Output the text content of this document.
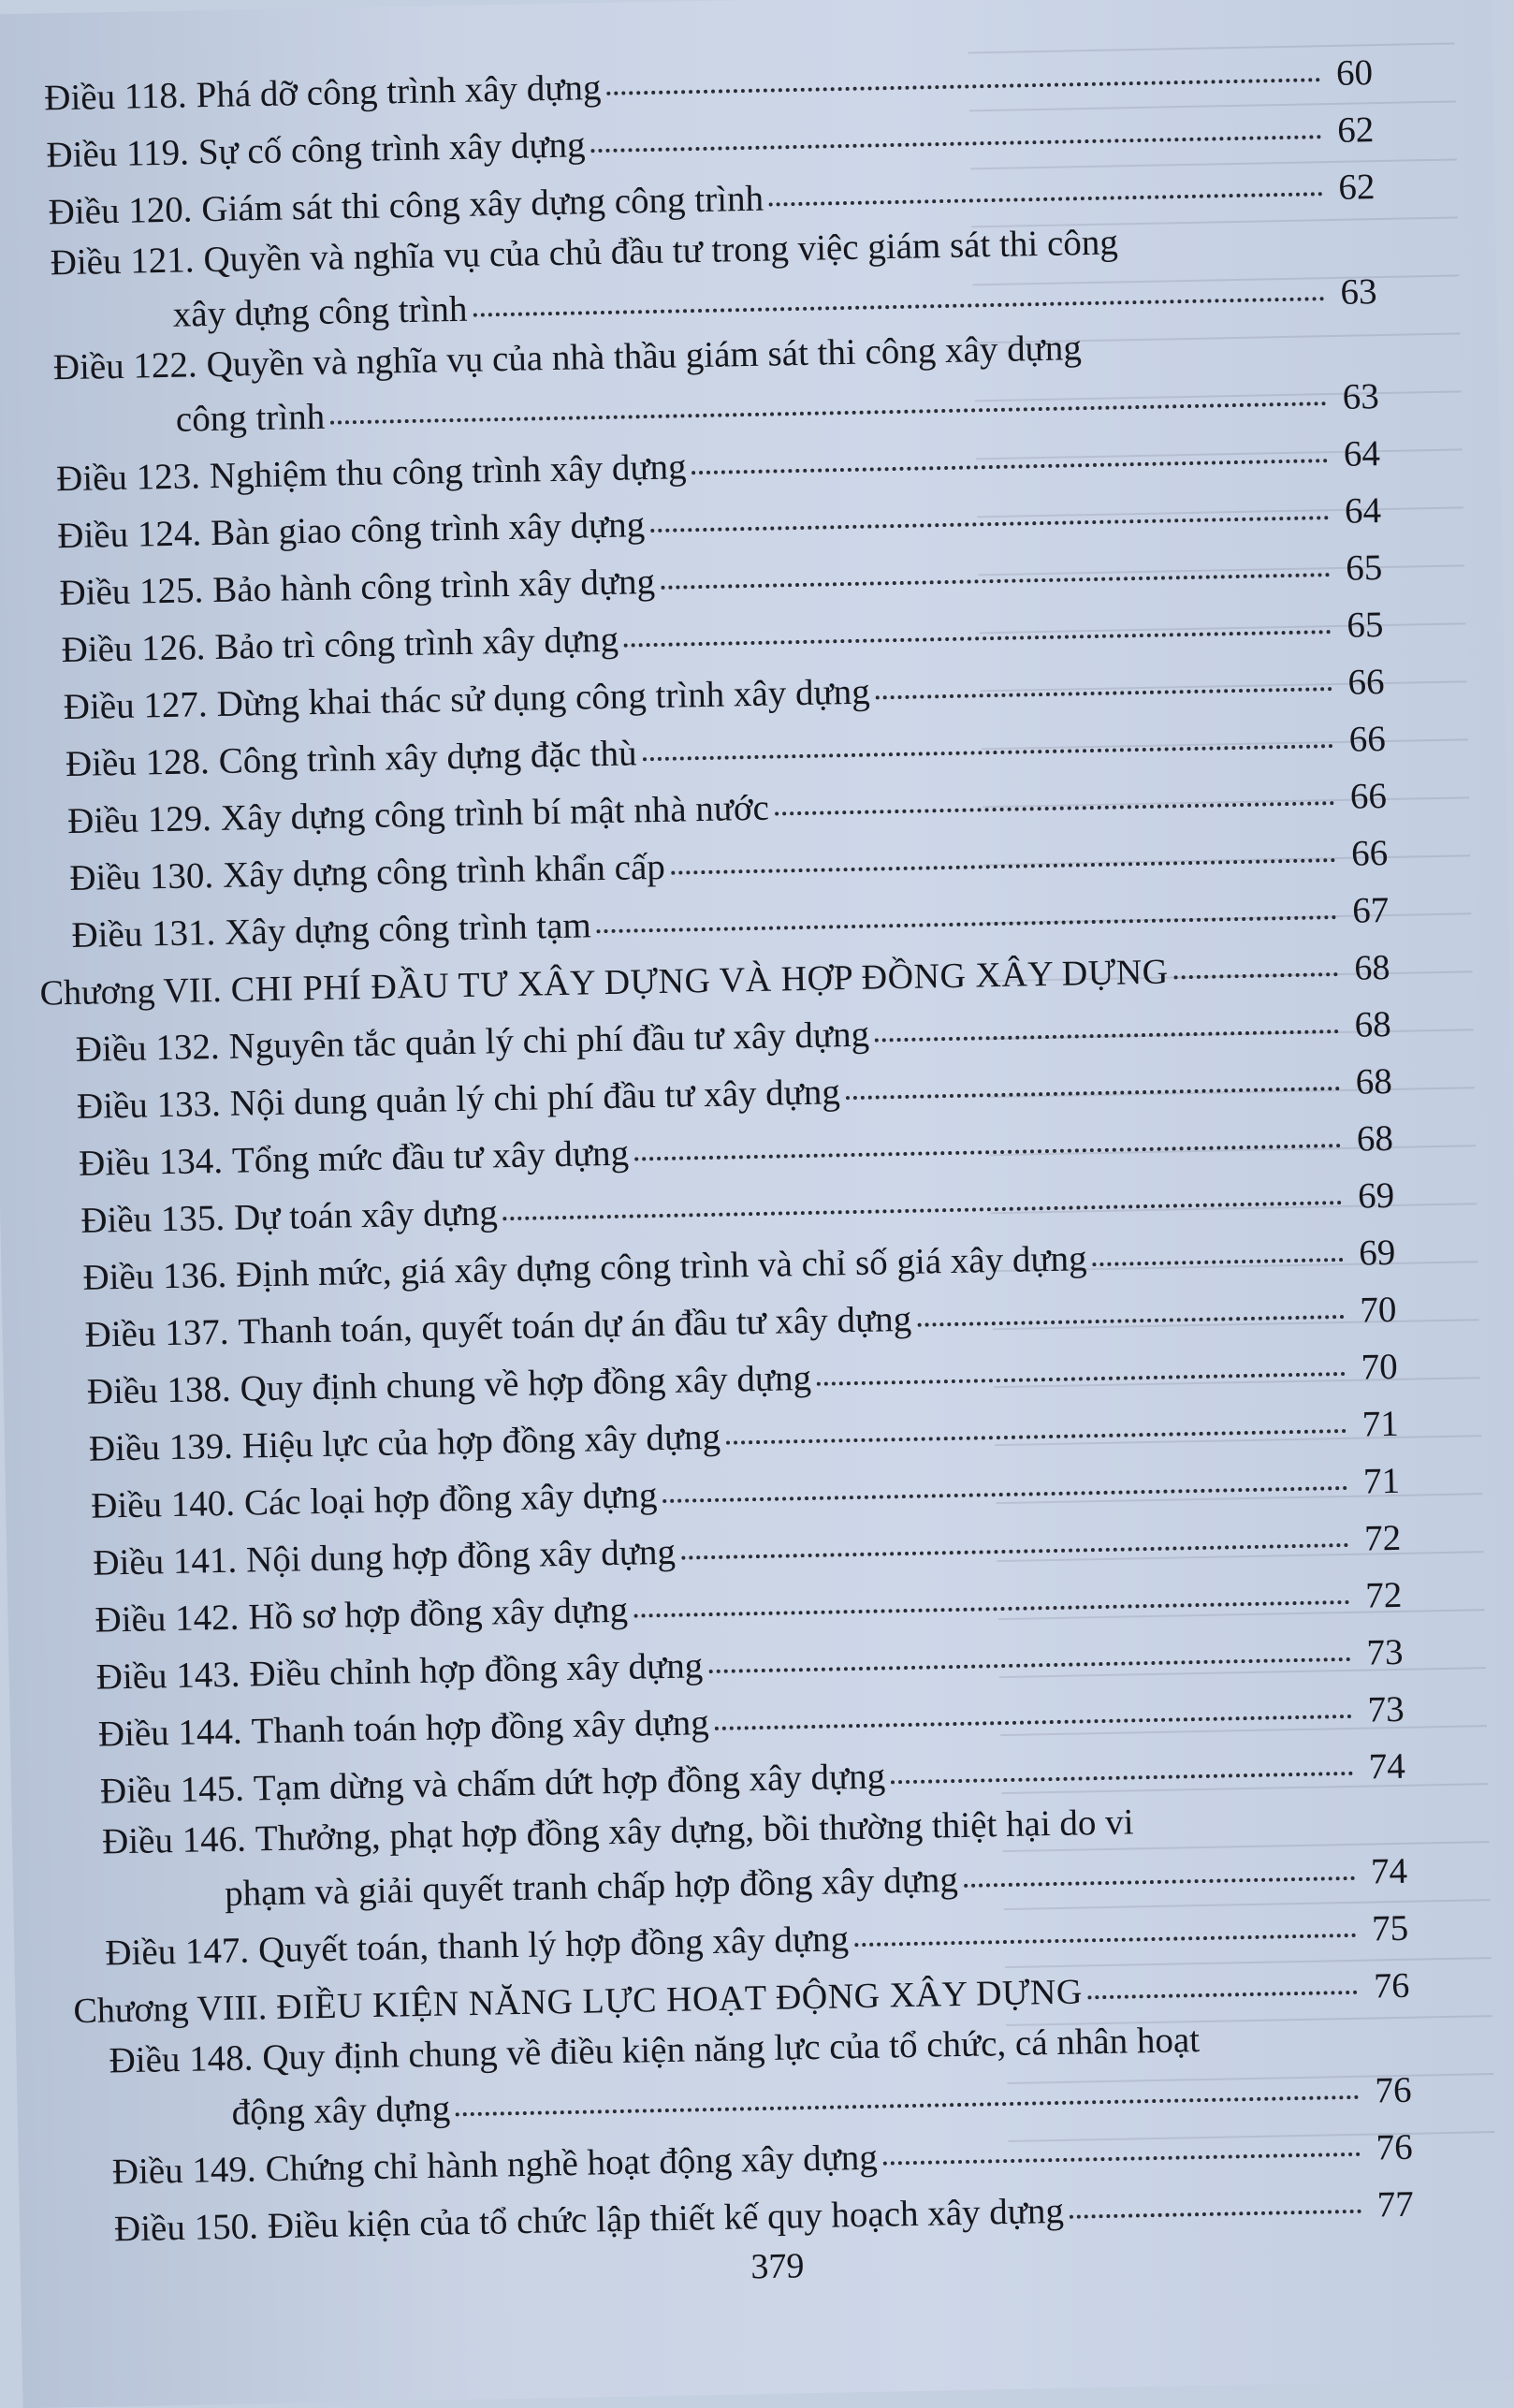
Điều 118. Phá dỡ công trình xây dựng	60
Điều 119. Sự cố công trình xây dựng	62
Điều 120. Giám sát thi công xây dựng công trình	62
Điều 121. Quyền và nghĩa vụ của chủ đầu tư trong việc giám sát thi công
xây dựng công trình	63
Điều 122. Quyền và nghĩa vụ của nhà thầu giám sát thi công xây dựng
công trình	63
Điều 123. Nghiệm thu công trình xây dựng	64
Điều 124. Bàn giao công trình xây dựng	64
Điều 125. Bảo hành công trình xây dựng	65
Điều 126. Bảo trì công trình xây dựng	65
Điều 127. Dừng khai thác sử dụng công trình xây dựng	66
Điều 128. Công trình xây dựng đặc thù	66
Điều 129. Xây dựng công trình bí mật nhà nước	66
Điều 130. Xây dựng công trình khẩn cấp	66
Điều 131. Xây dựng công trình tạm	67
Chương VII. CHI PHÍ ĐẦU TƯ XÂY DỰNG VÀ HỢP ĐỒNG XÂY DỰNG	68
Điều 132. Nguyên tắc quản lý chi phí đầu tư xây dựng	68
Điều 133. Nội dung quản lý chi phí đầu tư xây dựng	68
Điều 134. Tổng mức đầu tư xây dựng	68
Điều 135. Dự toán xây dựng	69
Điều 136. Định mức, giá xây dựng công trình và chỉ số giá xây dựng	69
Điều 137. Thanh toán, quyết toán dự án đầu tư xây dựng	70
Điều 138. Quy định chung về hợp đồng xây dựng	70
Điều 139. Hiệu lực của hợp đồng xây dựng	71
Điều 140. Các loại hợp đồng xây dựng	71
Điều 141. Nội dung hợp đồng xây dựng	72
Điều 142. Hồ sơ hợp đồng xây dựng	72
Điều 143. Điều chỉnh hợp đồng xây dựng	73
Điều 144. Thanh toán hợp đồng xây dựng	73
Điều 145. Tạm dừng và chấm dứt hợp đồng xây dựng	74
Điều 146. Thưởng, phạt hợp đồng xây dựng, bồi thường thiệt hại do vi
phạm và giải quyết tranh chấp hợp đồng xây dựng	74
Điều 147. Quyết toán, thanh lý hợp đồng xây dựng	75
Chương VIII. ĐIỀU KIỆN NĂNG LỰC HOẠT ĐỘNG XÂY DỰNG	76
Điều 148. Quy định chung về điều kiện năng lực của tổ chức, cá nhân hoạt
động xây dựng	76
Điều 149. Chứng chỉ hành nghề hoạt động xây dựng	76
Điều 150. Điều kiện của tổ chức lập thiết kế quy hoạch xây dựng	77
379
